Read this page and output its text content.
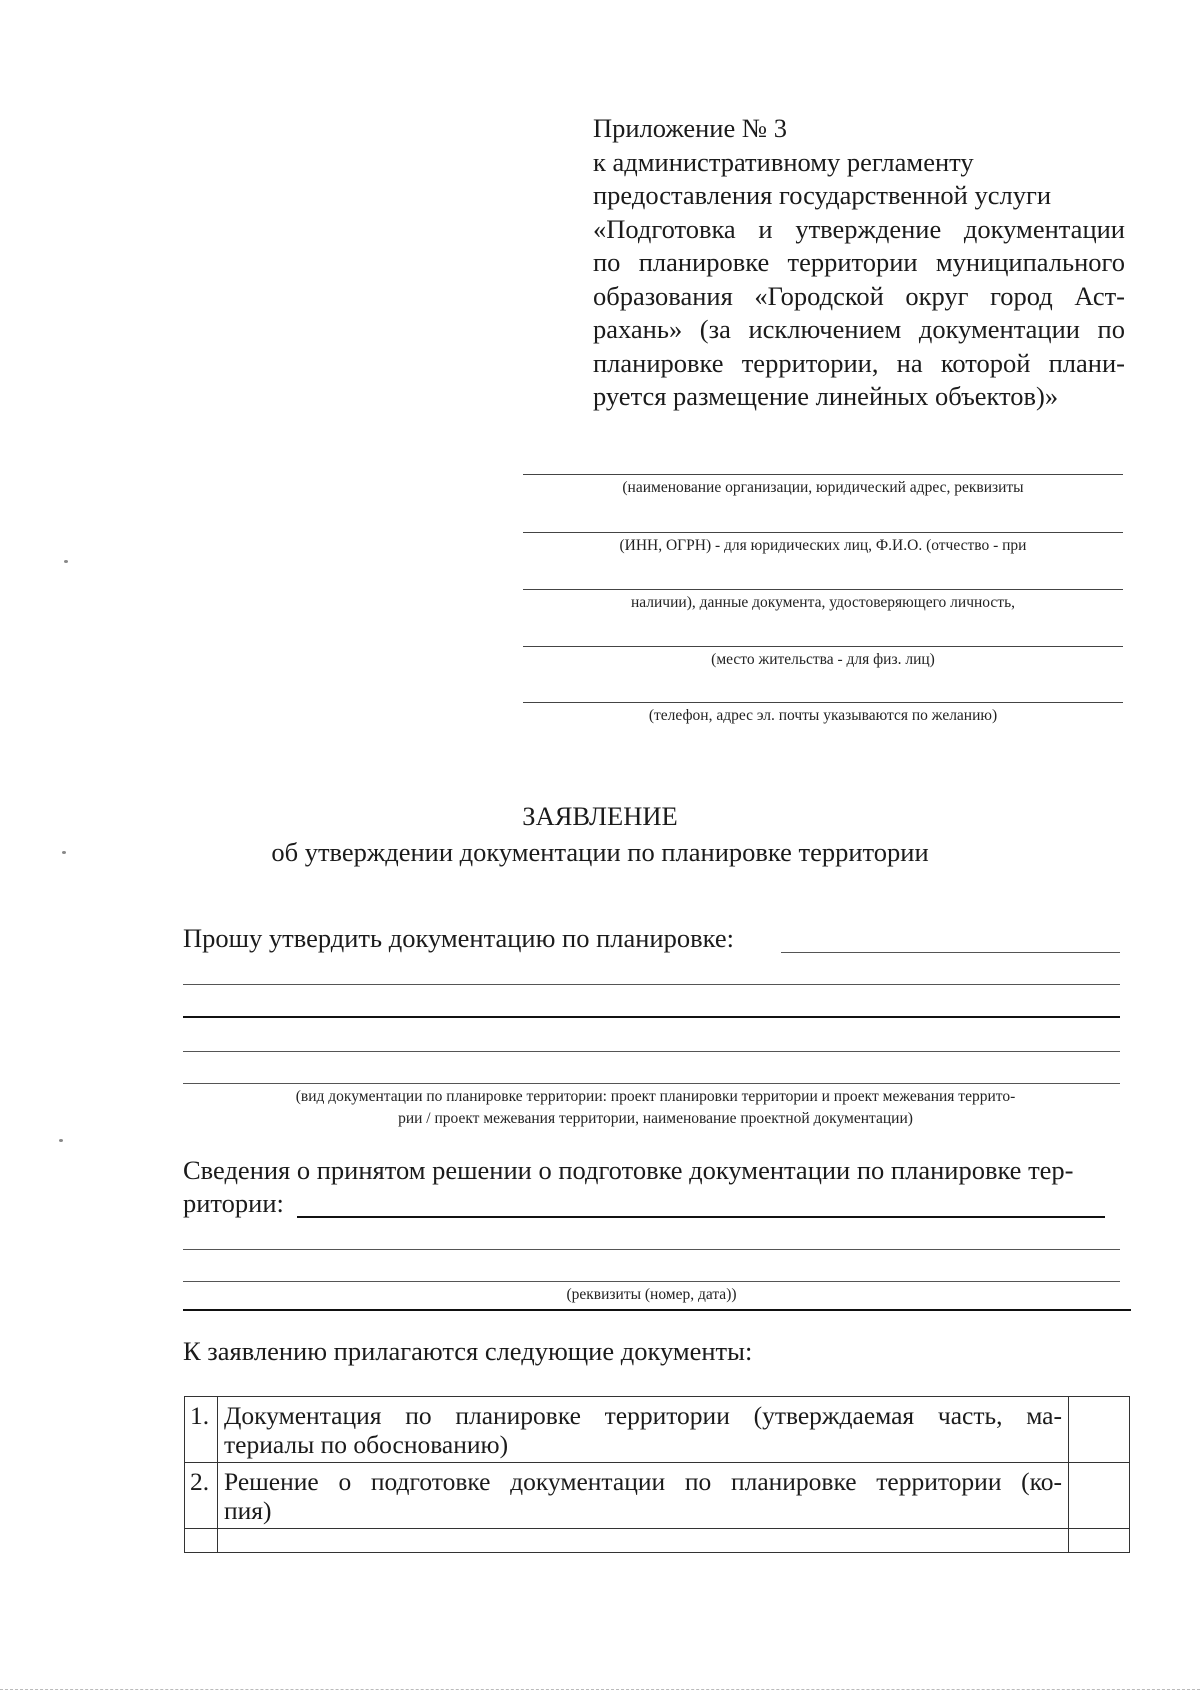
Приложение № 3
к административному регламенту
предоставления государственной услуги
«Подготовка и утверждение документации
по планировке территории муниципального
образования «Городской округ город Аст-
рахань» (за исключением документации по
планировке территории, на которой плани-
руется размещение линейных объектов)»
(наименование организации, юридический адрес, реквизиты
(ИНН, ОГРН) - для юридических лиц, Ф.И.О. (отчество - при
наличии), данные документа, удостоверяющего личность,
(место жительства - для физ. лиц)
(телефон, адрес эл. почты указываются по желанию)
ЗАЯВЛЕНИЕ
об утверждении документации по планировке территории
Прошу утвердить документацию по планировке:
(вид документации по планировке территории: проект планировки территории и проект межевания террито-
рии / проект межевания территории, наименование проектной документации)
Сведения о принятом решении о подготовке документации по планировке тер-
ритории:
(реквизиты (номер, дата))
К заявлению прилагаются следующие документы:
1.	Документация по планировке территории (утверждаемая часть, ма-
териалы по обоснованию)	

2.	Решение о подготовке документации по планировке территории (ко-
пия)	
